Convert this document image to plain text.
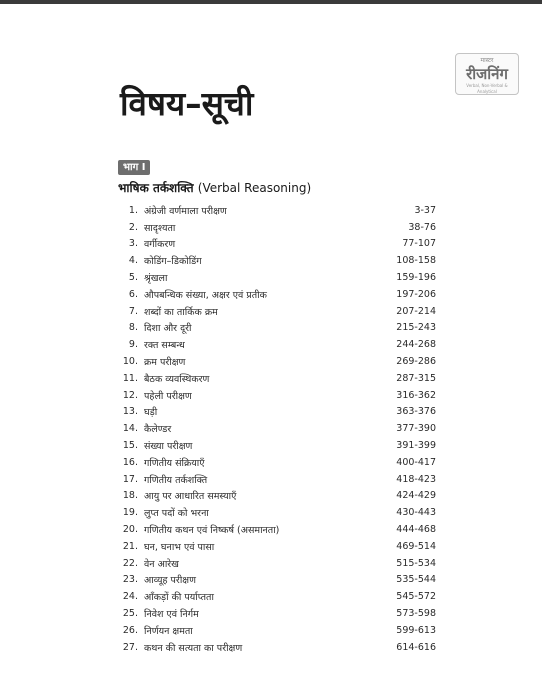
मास्टर
रीजनिंग
Verbal, Non-Verbal & Analytical
विषय–सूची
भाग I
भाषिक तर्कशक्ति (Verbal Reasoning)
1. अंग्रेजी वर्णमाला परीक्षण	3-37
2. सादृश्यता	38-76
3. वर्गीकरण	77-107
4. कोडिंग–डिकोडिंग	108-158
5. श्रृंखला	159-196
6. औपबन्धिक संख्या, अक्षर एवं प्रतीक	197-206
7. शब्दों का तार्किक क्रम	207-214
8. दिशा और दूरी	215-243
9. रक्त सम्बन्ध	244-268
10. क्रम परीक्षण	269-286
11. बैठक व्यवस्थिकरण	287-315
12. पहेली परीक्षण	316-362
13. घड़ी	363-376
14. कैलेण्डर	377-390
15. संख्या परीक्षण	391-399
16. गणितीय संक्रियाएँ	400-417
17. गणितीय तर्कशक्ति	418-423
18. आयु पर आधारित समस्याएँ	424-429
19. लुप्त पदों को भरना	430-443
20. गणितीय कथन एवं निष्कर्ष (असमानता)	444-468
21. घन, घनाभ एवं पासा	469-514
22. वेन आरेख	515-534
23. आव्यूह परीक्षण	535-544
24. आँकड़ों की पर्याप्तता	545-572
25. निवेश एवं निर्गम	573-598
26. निर्णयन क्षमता	599-613
27. कथन की सत्यता का परीक्षण	614-616
